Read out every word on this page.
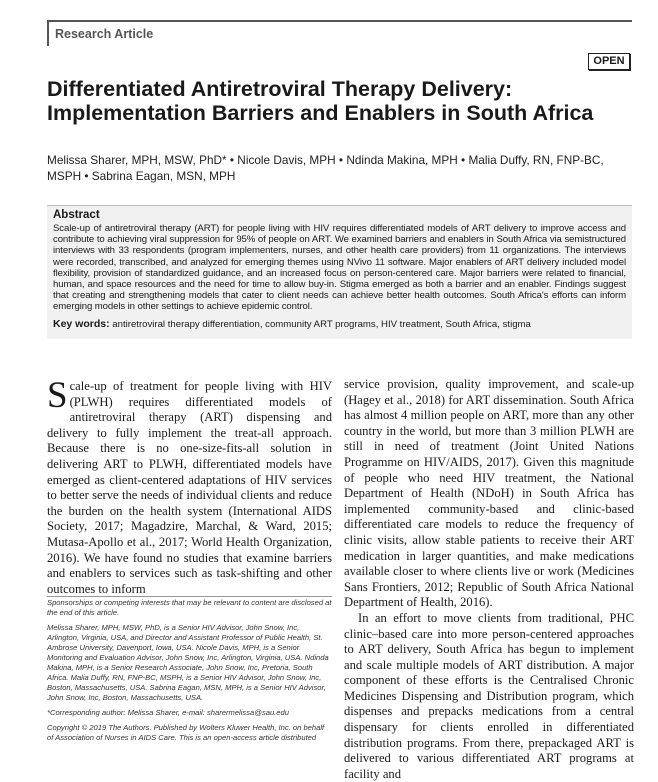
Research Article
OPEN
Differentiated Antiretroviral Therapy Delivery: Implementation Barriers and Enablers in South Africa
Melissa Sharer, MPH, MSW, PhD* • Nicole Davis, MPH • Ndinda Makina, MPH • Malia Duffy, RN, FNP-BC, MSPH • Sabrina Eagan, MSN, MPH

Abstract

Scale-up of antiretroviral therapy (ART) for people living with HIV requires differentiated models of ART delivery to improve access and contribute to achieving viral suppression for 95% of people on ART. We examined barriers and enablers in South Africa via semistructured interviews with 33 respondents (program implementers, nurses, and other health care providers) from 11 organizations. The interviews were recorded, transcribed, and analyzed for emerging themes using NVivo 11 software. Major enablers of ART delivery included model flexibility, provision of standardized guidance, and an increased focus on person-centered care. Major barriers were related to financial, human, and space resources and the need for time to allow buy-in. Stigma emerged as both a barrier and an enabler. Findings suggest that creating and strengthening models that cater to client needs can achieve better health outcomes. South Africa's efforts can inform emerging models in other settings to achieve epidemic control.

Key words: antiretroviral therapy differentiation, community ART programs, HIV treatment, South Africa, stigma
Scale-up of treatment for people living with HIV (PLWH) requires differentiated models of antiretroviral therapy (ART) dispensing and delivery to fully implement the treat-all approach. Because there is no one-size-fits-all solution in delivering ART to PLWH, differentiated models have emerged as client-centered adaptations of HIV services to better serve the needs of individual clients and reduce the burden on the health system (International AIDS Society, 2017; Magadzire, Marchal, & Ward, 2015; Mutasa-Apollo et al., 2017; World Health Organization, 2016). We have found no studies that examine barriers and enablers to services such as task-shifting and other outcomes to inform

service provision, quality improvement, and scale-up (Hagey et al., 2018) for ART dissemination. South Africa has almost 4 million people on ART, more than any other country in the world, but more than 3 million PLWH are still in need of treatment (Joint United Nations Programme on HIV/AIDS, 2017). Given this magnitude of people who need HIV treatment, the National Department of Health (NDoH) in South Africa has implemented community-based and clinic-based differentiated care models to reduce the frequency of clinic visits, allow stable patients to receive their ART medication in larger quantities, and make medications available closer to where clients live or work (Medicines Sans Frontiers, 2012; Republic of South Africa National Department of Health, 2016).

In an effort to move clients from traditional, PHC clinic–based care into more person-centered approaches to ART delivery, South Africa has begun to implement and scale multiple models of ART distribution. A major component of these efforts is the Centralised Chronic Medicines Dispensing and Distribution program, which dispenses and prepacks medications from a central dispensary for clients enrolled in differentiated distribution programs. From there, prepackaged ART is delivered to various differentiated ART programs at facility and

Sponsorships or competing interests that may be relevant to content are disclosed at the end of this article.

Melissa Sharer, MPH, MSW, PhD, is a Senior HIV Advisor, John Snow, Inc, Arlington, Virginia, USA, and Director and Assistant Professor of Public Health, St. Ambrose University, Davenport, Iowa, USA. Nicole Davis, MPH, is a Senior Monitoring and Evaluation Advisor, John Snow, Inc, Arlington, Virginia, USA. Ndinda Makina, MPH, is a Senior Research Associate, John Snow, Inc, Pretoria, South Africa. Malia Duffy, RN, FNP-BC, MSPH, is a Senior HIV Advisor, John Snow, Inc, Boston, Massachusetts, USA. Sabrina Eagan, MSN, MPH, is a Senior HIV Advisor, John Snow, Inc, Boston, Massachusetts, USA.

*Corresponding author: Melissa Sharer, e-mail: sharermelissa@sau.edu

Copyright © 2019 The Authors. Published by Wolters Kluwer Health, Inc. on behalf of Association of Nurses in AIDS Care. This is an open-access article distributed
